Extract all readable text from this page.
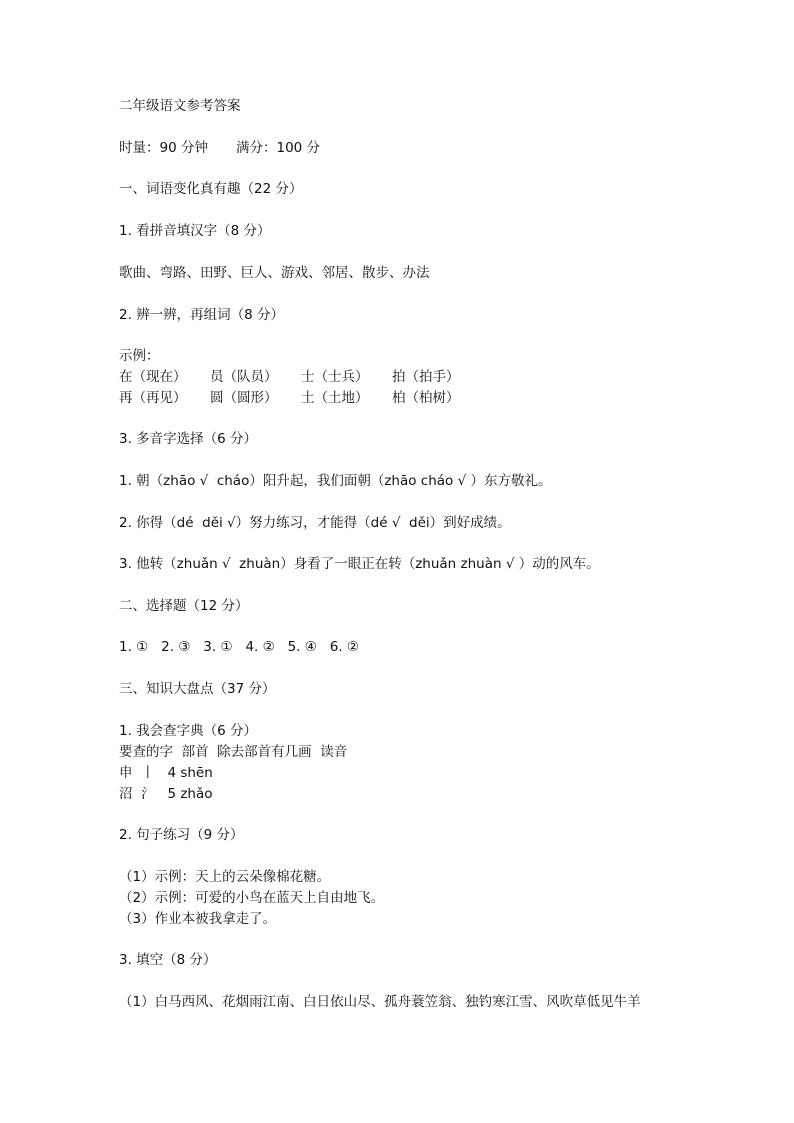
二年级语文参考答案
时量：90 分钟 满分：100 分
一、词语变化真有趣（22 分）
1. 看拼音填汉字（8 分）
歌曲、弯路、田野、巨人、游戏、邻居、散步、办法
2. 辨一辨，再组词（8 分）
示例：
在（现在） 员（队员） 士（士兵） 拍（拍手）
再（再见） 圆（圆形） 土（土地） 柏（柏树）
3. 多音字选择（6 分）
1. 朝（zhāo √  cháo）阳升起，我们面朝（zhāo cháo √ ）东方敬礼。
2. 你得（dé  děi √）努力练习，才能得（dé √  děi）到好成绩。
3. 他转（zhuǎn √  zhuàn）身看了一眼正在转（zhuǎn zhuàn √ ）动的风车。
二、选择题（12 分）
1. ①   2. ③   3. ①   4. ②   5. ④   6. ②
三、知识大盘点（37 分）
1. 我会查字典（6 分）
要查的字  部首  除去部首有几画  读音
申  丨   4 shēn
沼  氵   5 zhǎo
2. 句子练习（9 分）
（1）示例：天上的云朵像棉花糖。
（2）示例：可爱的小鸟在蓝天上自由地飞。
（3）作业本被我拿走了。
3. 填空（8 分）
（1）白马西风、花烟雨江南、白日依山尽、孤舟蓑笠翁、独钓寒江雪、风吹草低见牛羊
